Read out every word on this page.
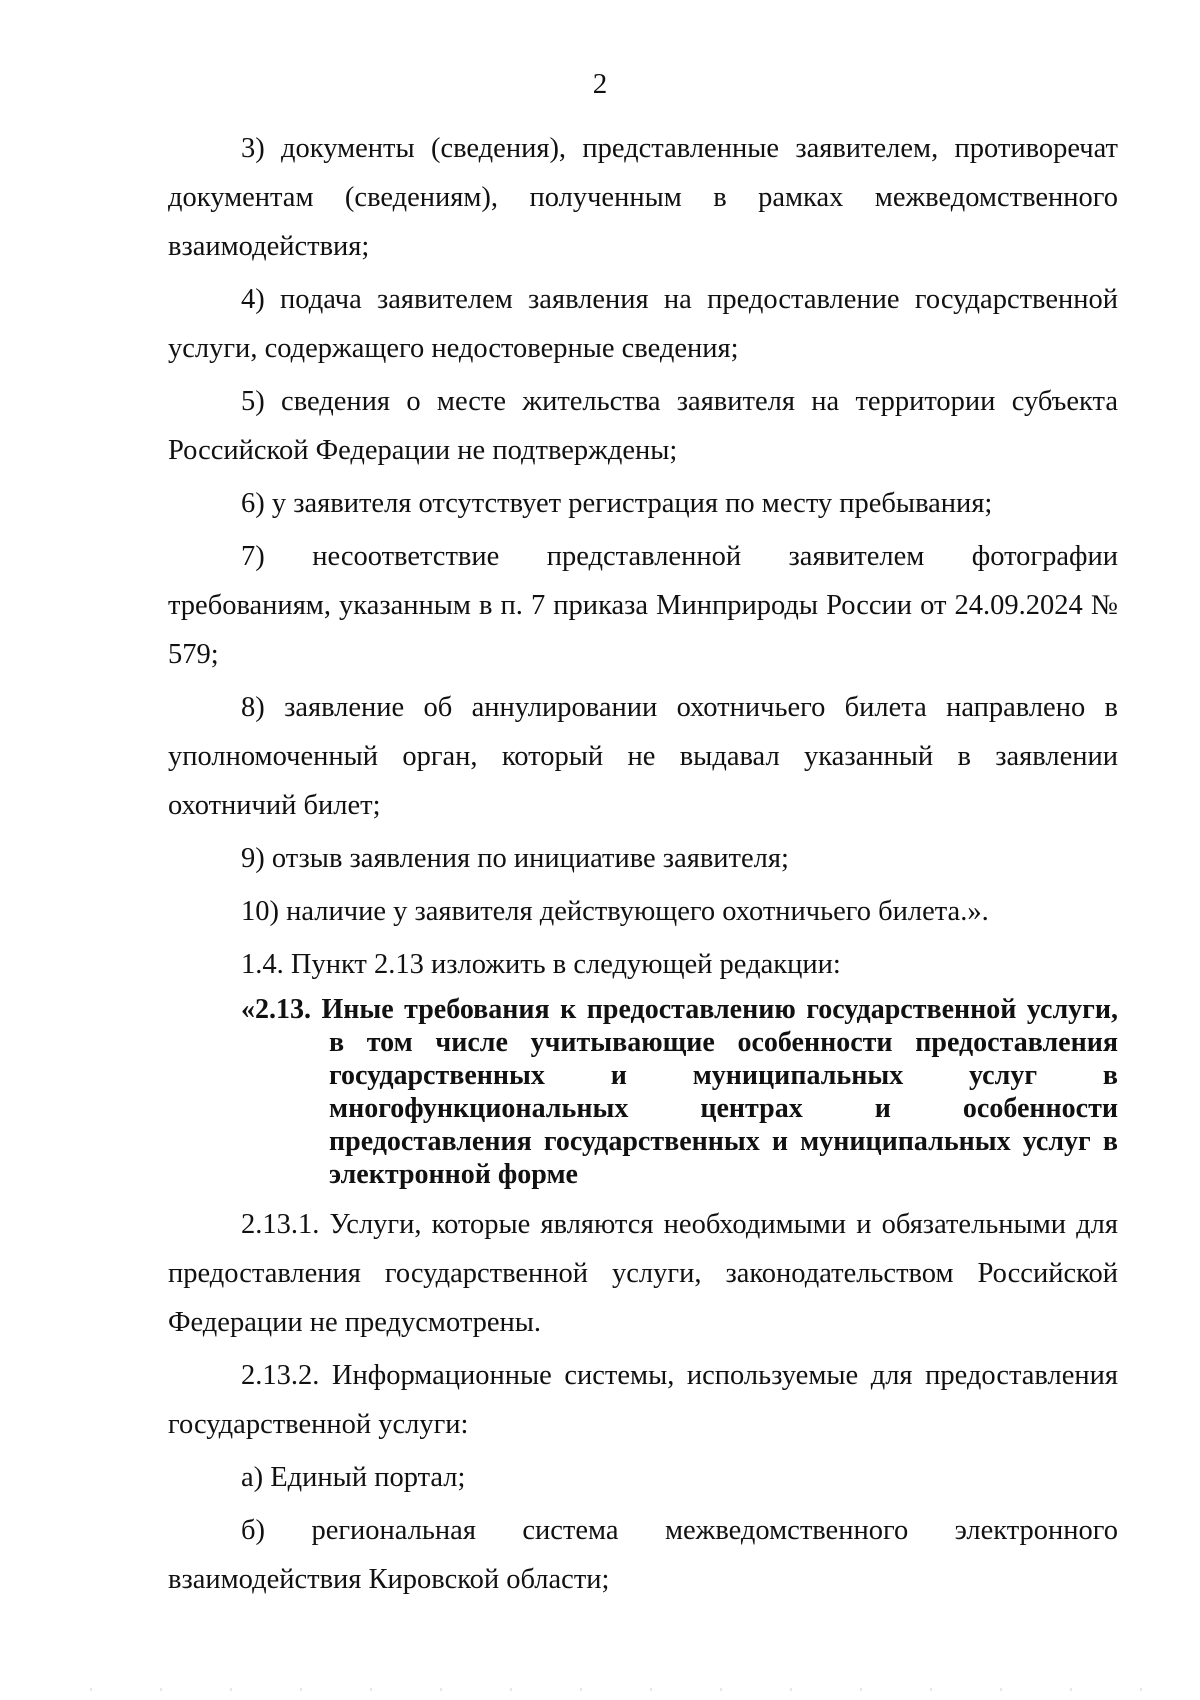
2

3) документы (сведения), представленные заявителем, противоречат документам (сведениям), полученным в рамках межведомственного взаимодействия;

4) подача заявителем заявления на предоставление государственной услуги, содержащего недостоверные сведения;

5) сведения о месте жительства заявителя на территории субъекта Российской Федерации не подтверждены;

6) у заявителя отсутствует регистрация по месту пребывания;

7) несоответствие представленной заявителем фотографии требованиям, указанным в п. 7 приказа Минприроды России от 24.09.2024 № 579;

8) заявление об аннулировании охотничьего билета направлено в уполномоченный орган, который не выдавал указанный в заявлении охотничий билет;

9) отзыв заявления по инициативе заявителя;

10) наличие у заявителя действующего охотничьего билета.».

1.4. Пункт 2.13 изложить в следующей редакции:

«2.13. Иные требования к предоставлению государственной услуги,
в том числе учитывающие особенности предоставления государственных и муниципальных услуг в многофункциональных центрах и особенности предоставления государственных и муниципальных услуг в электронной форме

2.13.1. Услуги, которые являются необходимыми и обязательными для предоставления государственной услуги, законодательством Российской Федерации не предусмотрены.

2.13.2. Информационные системы, используемые для предоставления государственной услуги:

а) Единый портал;

б) региональная система межведомственного электронного взаимодействия Кировской области;
